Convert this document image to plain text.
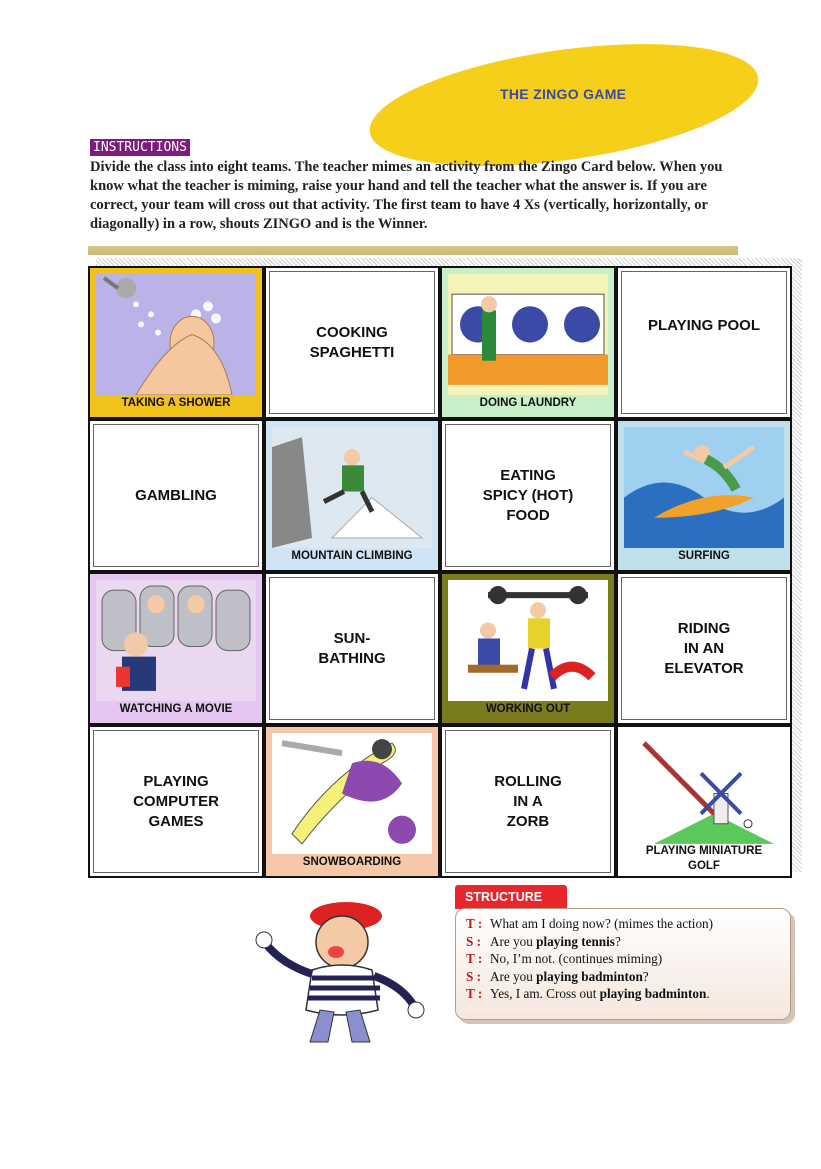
THE ZINGO GAME
INSTRUCTIONS
Divide the class into eight teams. The teacher mimes an activity from the Zingo Card below. When you know what the teacher is miming, raise your hand and tell the teacher what the answer is. If you are correct, your team will cross out that activity. The first team to have 4 Xs (vertically, horizontally, or diagonally) in a row, shouts ZINGO and is the Winner.
TAKING A SHOWER
COOKING
SPAGHETTI
DOING LAUNDRY
PLAYING POOL
GAMBLING
MOUNTAIN CLIMBING
EATING
SPICY (HOT)
FOOD
SURFING
WATCHING A MOVIE
SUN-
BATHING
WORKING OUT
RIDING
IN AN
ELEVATOR
PLAYING
COMPUTER
GAMES
SNOWBOARDING
ROLLING
IN A
ZORB
PLAYING MINIATURE
GOLF
STRUCTURE
T : What am I doing now? (mimes the action)
S : Are you playing tennis?
T : No, I’m not. (continues miming)
S : Are you playing badminton?
T : Yes, I am. Cross out playing badminton.
